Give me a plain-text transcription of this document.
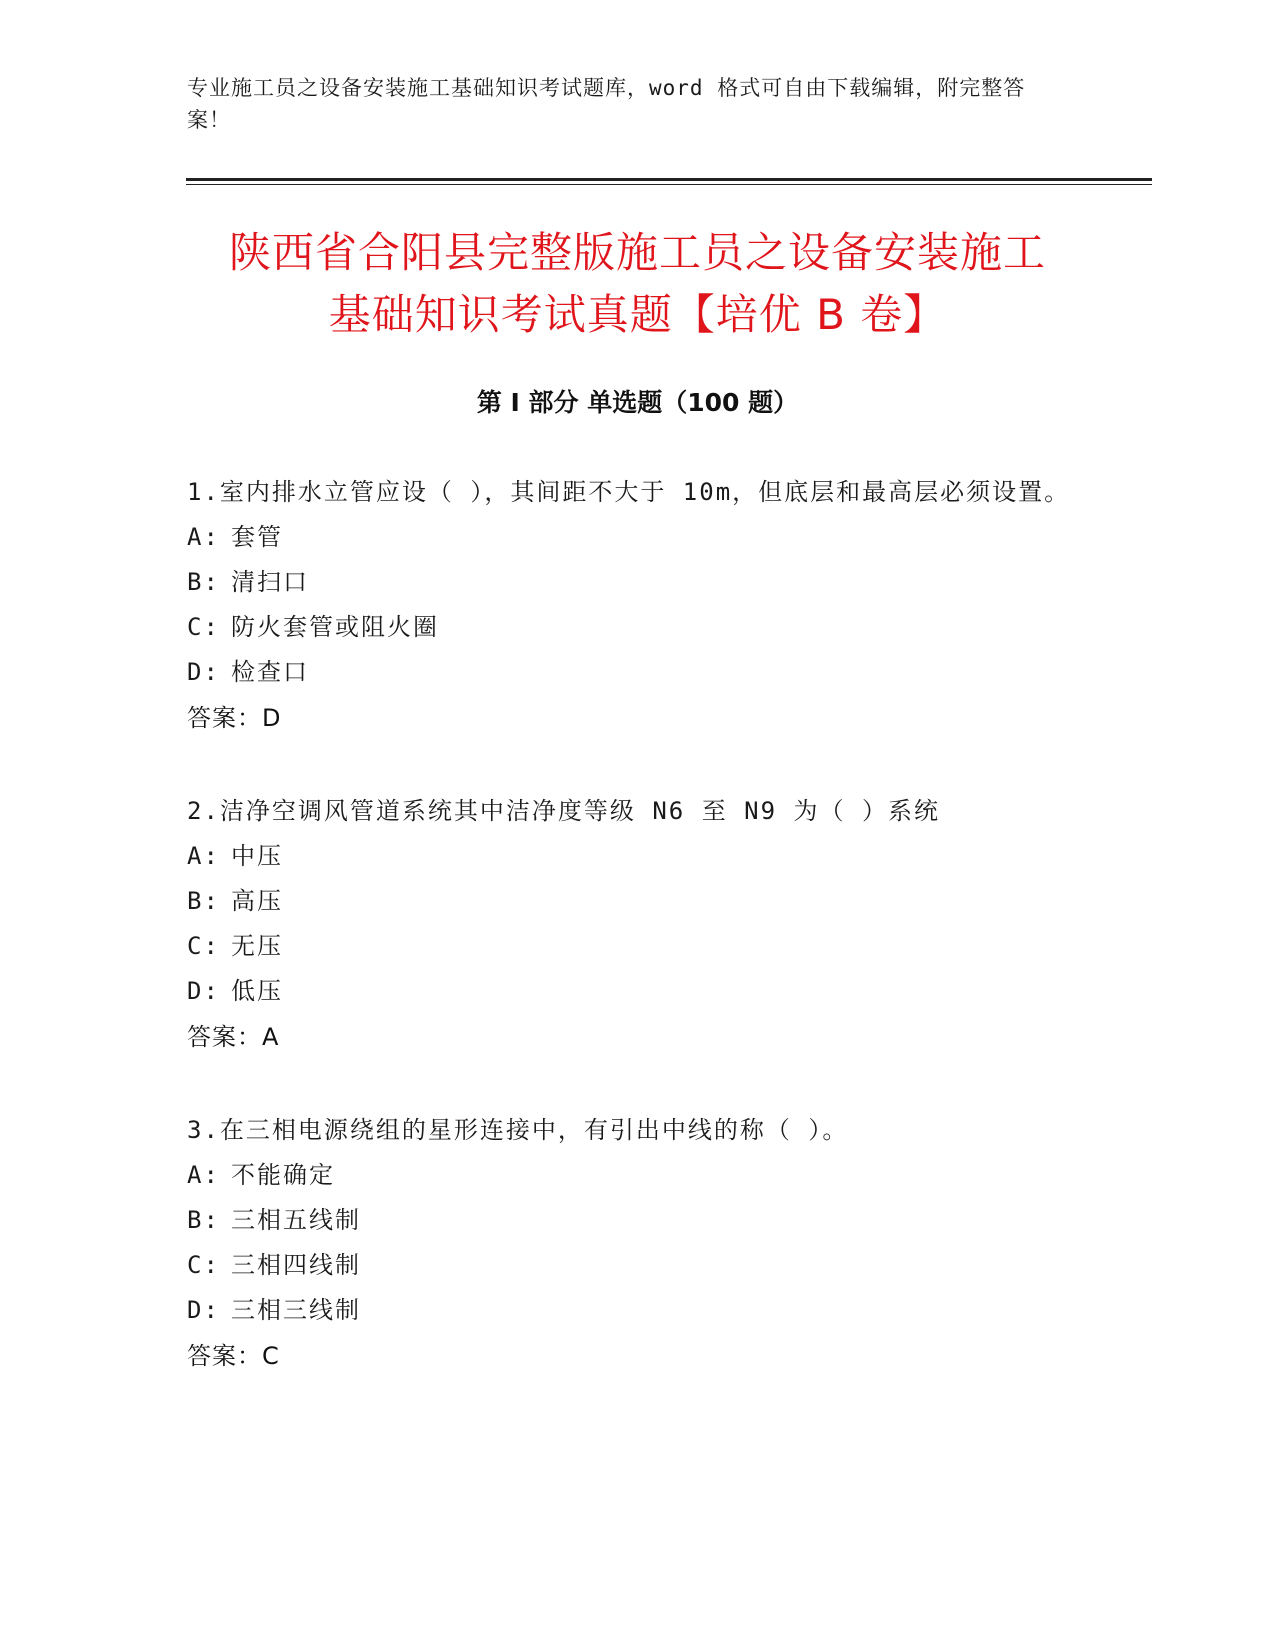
专业施工员之设备安装施工基础知识考试题库，word 格式可自由下载编辑，附完整答案！
陕西省合阳县完整版施工员之设备安装施工
基础知识考试真题【培优 B 卷】
第 I 部分 单选题（100 题）

1.室内排水立管应设（ ），其间距不大于 10m，但底层和最高层必须设置。

A: 套管

B: 清扫口

C: 防火套管或阻火圈

D: 检查口

答案：D

2.洁净空调风管道系统其中洁净度等级 N6 至 N9 为（ ）系统

A: 中压

B: 高压

C: 无压

D: 低压

答案：A

3.在三相电源绕组的星形连接中，有引出中线的称（ ）。

A: 不能确定

B: 三相五线制

C: 三相四线制

D: 三相三线制

答案：C
